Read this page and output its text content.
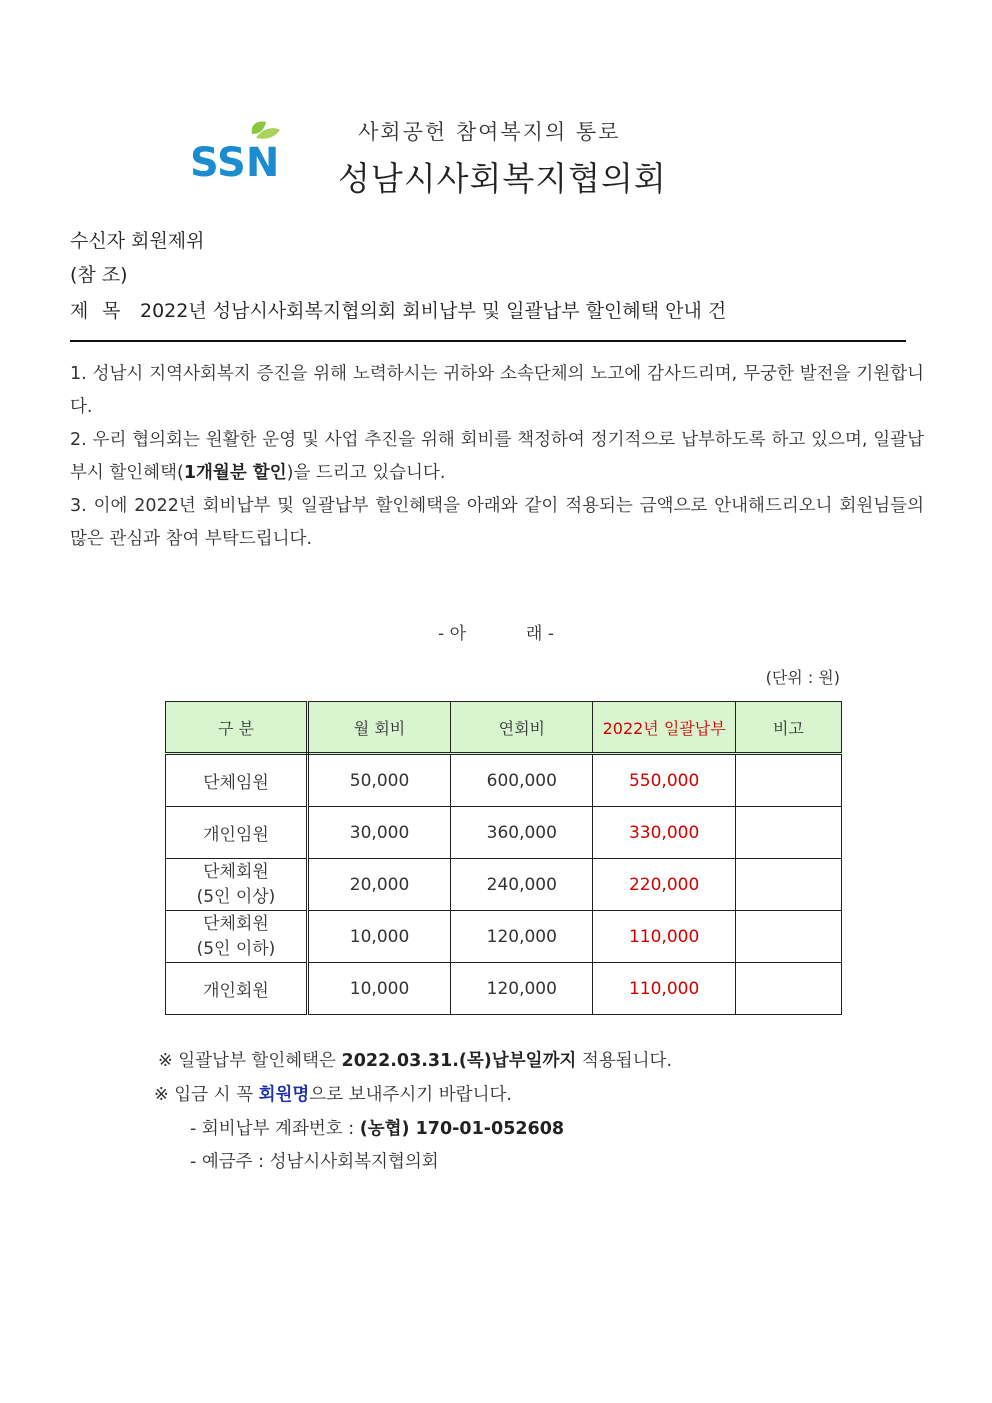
SSN
사회공헌 참여복지의 통로
성남시사회복지협의회
수신자 회원제위
(참 조)
제 목 2022년 성남시사회복지협의회 회비납부 및 일괄납부 할인혜택 안내 건
1. 성남시 지역사회복지 증진을 위해 노력하시는 귀하와 소속단체의 노고에 감사드리며, 무궁한 발전을 기원합니다.
2. 우리 협의회는 원활한 운영 및 사업 추진을 위해 회비를 책정하여 정기적으로 납부하도록 하고 있으며, 일괄납부시 할인혜택(1개월분 할인)을 드리고 있습니다.
3. 이에 2022년 회비납부 및 일괄납부 할인혜택을 아래와 같이 적용되는 금액으로 안내해드리오니 회원님들의 많은 관심과 참여 부탁드립니다.
- 아	래 -
(단위 : 원)
구 분	월 회비	연회비	2022년 일괄납부	비고
단체임원	50,000	600,000	550,000	
개인임원	30,000	360,000	330,000	

단체회원
(5인 이상)	20,000	240,000	220,000	

단체회원
(5인 이하)	10,000	120,000	110,000	
개인회원	10,000	120,000	110,000	
※ 일괄납부 할인혜택은 2022.03.31.(목)납부일까지 적용됩니다.
※ 입금 시 꼭 회원명으로 보내주시기 바랍니다.
- 회비납부 계좌번호 : (농협) 170-01-052608
- 예금주 : 성남시사회복지협의회
